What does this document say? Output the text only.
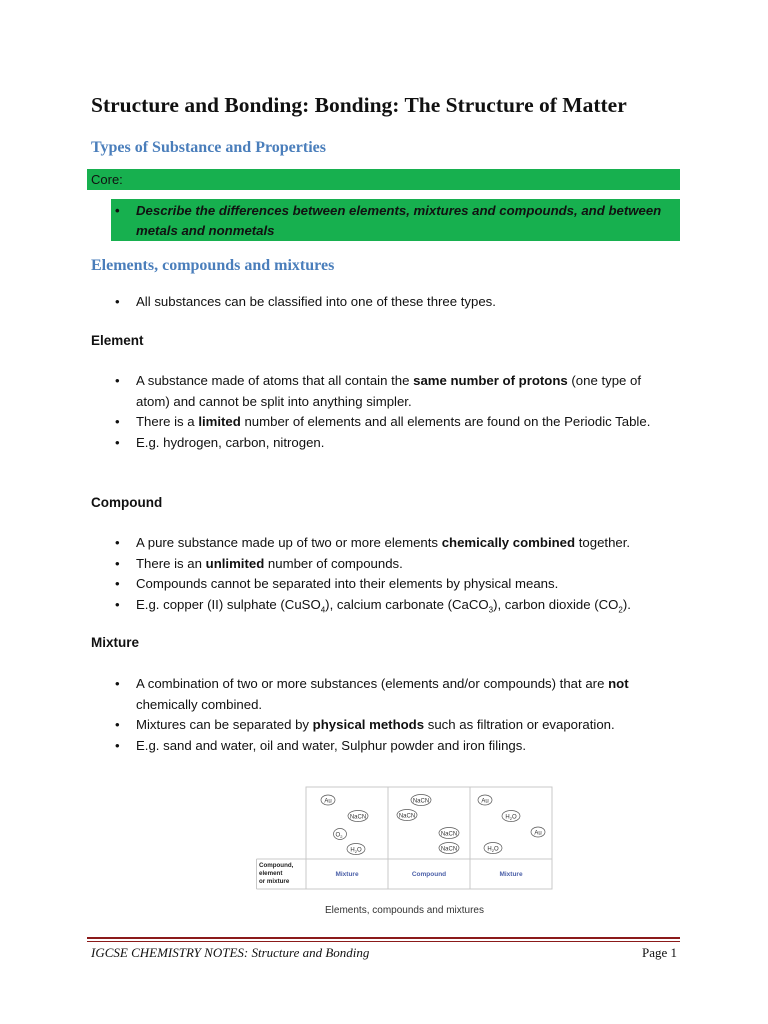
Structure and Bonding: Bonding: The Structure of Matter
Types of Substance and Properties
Core:
• Describe the differences between elements, mixtures and compounds, and between metals and nonmetals
Elements, compounds and mixtures
• All substances can be classified into one of these three types.
Element
• A substance made of atoms that all contain the same number of protons (one type of atom) and cannot be split into anything simpler.
• There is a limited number of elements and all elements are found on the Periodic Table.
• E.g. hydrogen, carbon, nitrogen.
Compound
• A pure substance made up of two or more elements chemically combined together.
• There is an unlimited number of compounds.
• Compounds cannot be separated into their elements by physical means.
• E.g. copper (II) sulphate (CuSO$_4$), calcium carbonate (CaCO$_3$), carbon dioxide $(CO_2)$.
Mixture
• A combination of two or more substances (elements and/or compounds) that are not chemically combined.
• Mixtures can be separated by physical methods such as filtration or evaporation.
• E.g. sand and water, oil and water, Sulphur powder and iron filings.
Au
NaCN
$O_2$
$H_2O$
NaCN
NaCN
NaCN
NaCN
Au
$H_2O$
Au
$H_2O$
Compound,
element
or mixture
Mixture	Compound	Mixture
Elements, compounds and mixtures
IGCSE CHEMISTRY NOTES: Structure and Bonding	Page 1
